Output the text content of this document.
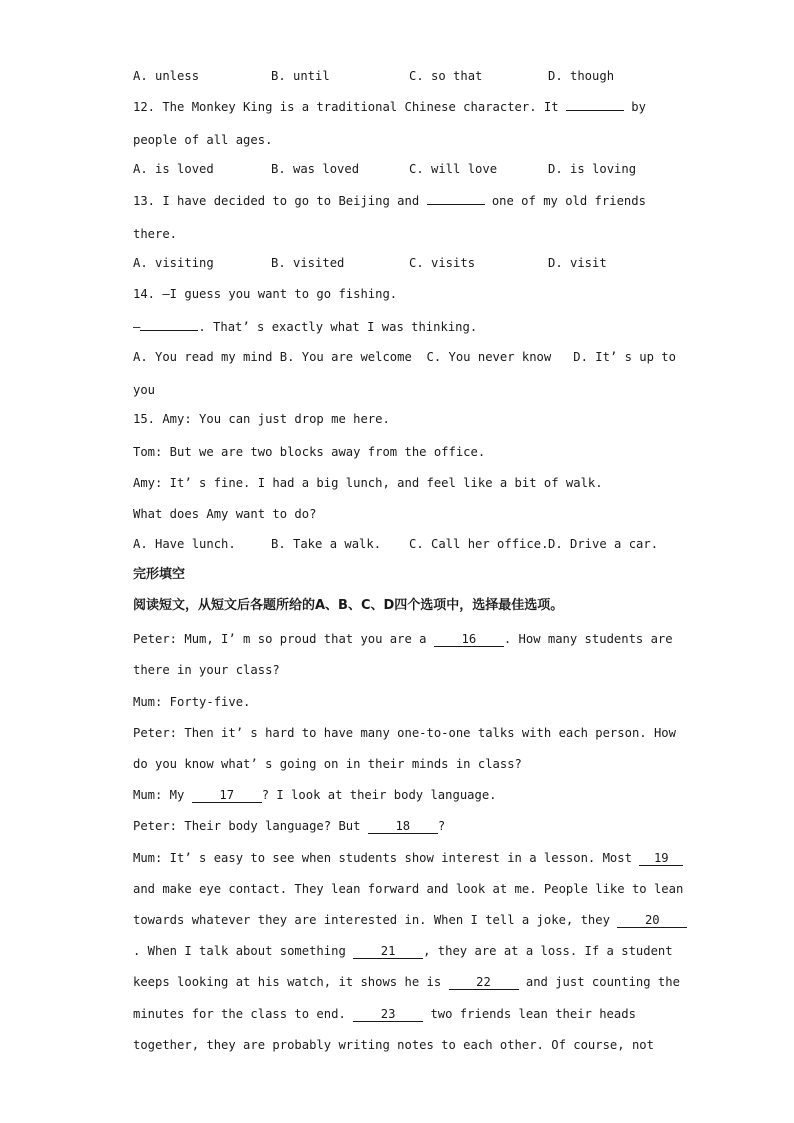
A. unless	B. until	C. so that	D. though
12. The Monkey King is a traditional Chinese character. It	by
people of all ages.
A. is loved	B. was loved	C. will love	D. is loving
13. I have decided to go to Beijing and	one of my old friends
there.
A. visiting	B. visited	C. visits	D. visit
14. —I guess you want to go fishing.
—	. That’ s exactly what I was thinking.
A. You read my mind B. You are welcome  C. You never know   D. It’ s up to
you
15. Amy: You can just drop me here.
Tom: But we are two blocks away from the office.
Amy: It’ s fine. I had a big lunch, and feel like a bit of walk.
What does Amy want to do?
A. Have lunch.	B. Take a walk. C. Call her office. D. Drive a car.
完形填空
阅读短文，从短文后各题所给的A、B、C、D四个选项中，选择最佳选项。
Peter: Mum, I’ m so proud that you are a 16 . How many students are
there in your class?
Mum: Forty-five.
Peter: Then it’ s hard to have many one-to-one talks with each person. How
do you know what’ s going on in their minds in class?
Mum: My 17 ? I look at their body language.
Peter: Their body language? But 18 ?
Mum: It’ s easy to see when students show interest in a lesson. Most 19
and make eye contact. They lean forward and look at me. People like to lean
towards whatever they are interested in. When I tell a joke, they 20
. When I talk about something 21 , they are at a loss. If a student
keeps looking at his watch, it shows he is 22 and just counting the
minutes for the class to end. 23 two friends lean their heads
together, they are probably writing notes to each other. Of course, not
